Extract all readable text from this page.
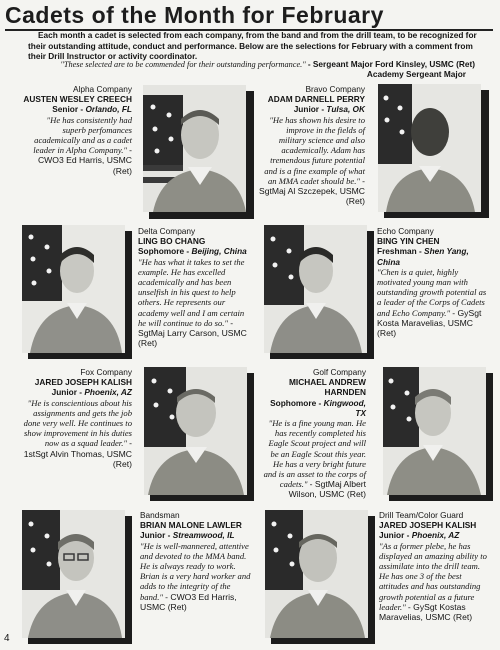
Cadets of the Month for February
Each month a cadet is selected from each company, from the band and from the drill team, to be recognized for their outstanding attitude, conduct and performance. Below are the selections for February with a comment from their Drill Instructor or activity coordinator.
"These selected are to be commended for their outstanding performance." - Sergeant Major Ford Kinsley, USMC (Ret)
Academy Sergeant Major
Alpha Company
AUSTEN WESLEY CREECH
Senior - Orlando, FL
"He has consistently had superb perfomances academically and as a cadet leader in Alpha Company." - CWO3 Ed Harris, USMC (Ret)
Bravo Company
ADAM DARNELL PERRY
Junior - Tulsa, OK
"He has shown his desire to improve in the fields of military science and also academically. Adam has tremendous future potential and is a fine example of what an MMA cadet should be." - SgtMaj Al Szczepek, USMC (Ret)
Delta Company
LING BO CHANG
Sophomore - Beijing, China
"He has what it takes to set the example. He has excelled academically and has been unselfish in his quest to help others. He represents our academy well and I am certain he will continue to do so." - SgtMaj Larry Carson, USMC (Ret)
Echo Company
BING YIN CHEN
Freshman - Shen Yang, China
"Chen is a quiet, highly motivated young man with outstanding growth potential as a leader of the Corps of Cadets and Echo Company." - GySgt Kosta Maravelias, USMC (Ret)
Fox Company
JARED JOSEPH KALISH
Junior - Phoenix, AZ
"He is conscientious about his assignments and gets the job done very well. He continues to show improvement in his duties now as a squad leader." - 1stSgt Alvin Thomas, USMC (Ret)
Golf Company
MICHAEL ANDREW HARNDEN
Sophomore - Kingwood, TX
"He is a fine young man. He has recently completed his Eagle Scout project and will be an Eagle Scout this year. He has a very bright future and is an asset to the corps of cadets." - SgtMaj Albert Wilson, USMC (Ret)
Bandsman
BRIAN MALONE LAWLER
Junior - Streamwood, IL
"He is well-mannered, attentive and devoted to the MMA band. He is always ready to work. Brian is a very hard worker and adds to the integrity of the band." - CWO3 Ed Harris, USMC (Ret)
Drill Team/Color Guard
JARED JOSEPH KALISH
Junior - Phoenix, AZ
"As a former plebe, he has displayed an amazing ability to assimilate into the drill team. He has one 3 of the best attitudes and has outstanding growth potential as a future leader." - GySgt Kostas Maravelias, USMC (Ret)
4
